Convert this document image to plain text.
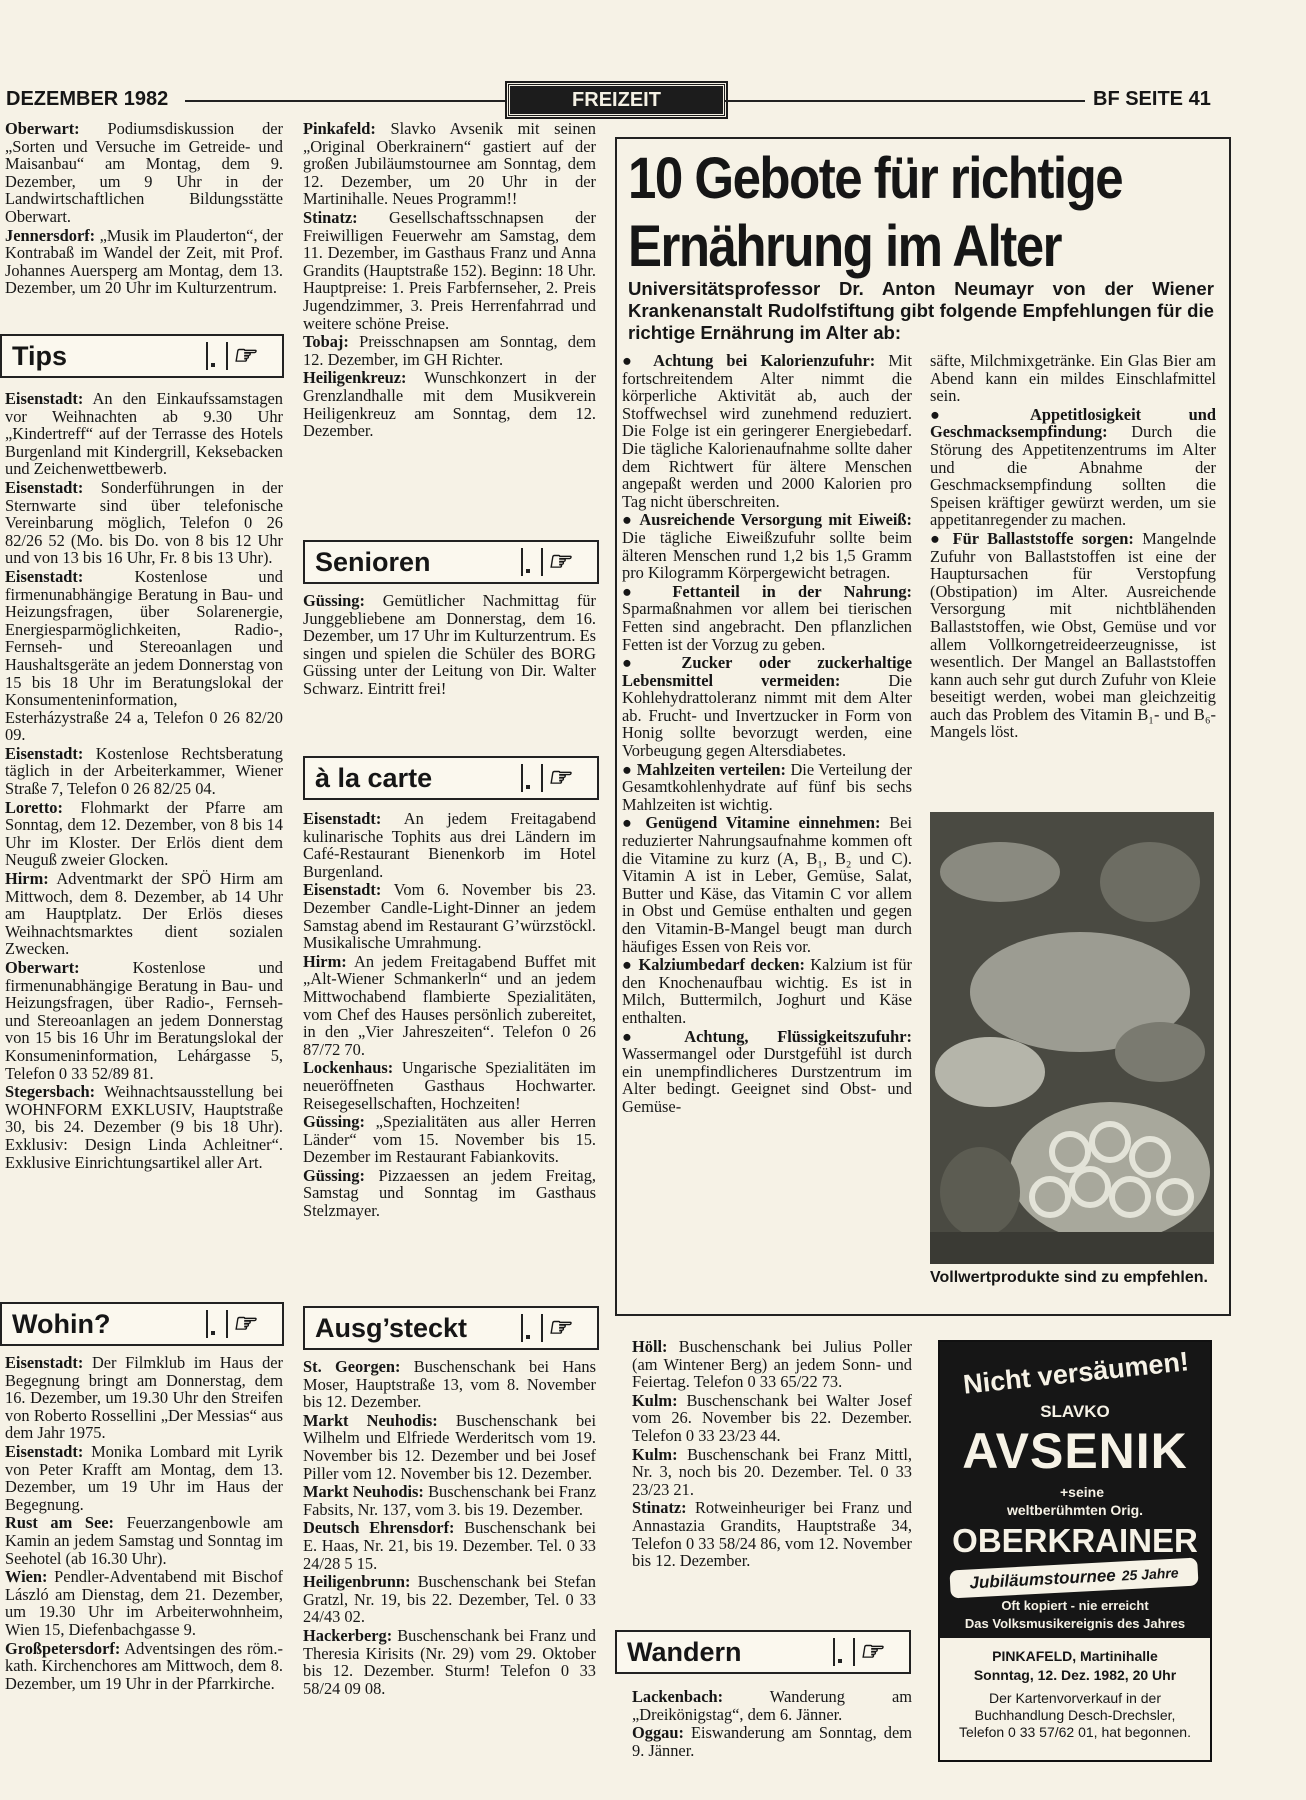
DEZEMBER 1982	FREIZEIT	BF SEITE 41

Oberwart: Podiumsdiskussion der „Sorten und Versuche im Getreide- und Maisanbau“ am Montag, dem 9. Dezember, um 9 Uhr in der Landwirtschaftlichen Bildungsstätte Oberwart.

Jennersdorf: „Musik im Plauderton“, der Kontrabaß im Wandel der Zeit, mit Prof. Johannes Auersperg am Montag, dem 13. Dezember, um 20 Uhr im Kulturzentrum.

Tips	☞

Eisenstadt: An den Einkaufssamstagen vor Weihnachten ab 9.30 Uhr „Kindertreff“ auf der Terrasse des Hotels Burgenland mit Kindergrill, Keksebacken und Zeichenwettbewerb.

Eisenstadt: Sonderführungen in der Sternwarte sind über telefonische Vereinbarung möglich, Telefon 0 26 82/26 52 (Mo. bis Do. von 8 bis 12 Uhr und von 13 bis 16 Uhr, Fr. 8 bis 13 Uhr).

Eisenstadt: Kostenlose und firmenunabhängige Beratung in Bau- und Heizungsfragen, über Solarenergie, Energiesparmöglichkeiten, Radio-, Fernseh- und Stereoanlagen und Haushaltsgeräte an jedem Donnerstag von 15 bis 18 Uhr im Beratungslokal der Konsumenteninformation, Esterházystraße 24 a, Telefon 0 26 82/20 09.

Eisenstadt: Kostenlose Rechtsberatung täglich in der Arbeiterkammer, Wiener Straße 7, Telefon 0 26 82/25 04.

Loretto: Flohmarkt der Pfarre am Sonntag, dem 12. Dezember, von 8 bis 14 Uhr im Kloster. Der Erlös dient dem Neuguß zweier Glocken.

Hirm: Adventmarkt der SPÖ Hirm am Mittwoch, dem 8. Dezember, ab 14 Uhr am Hauptplatz. Der Erlös dieses Weihnachtsmarktes dient sozialen Zwecken.

Oberwart: Kostenlose und firmenunabhängige Beratung in Bau- und Heizungsfragen, über Radio-, Fernseh- und Stereoanlagen an jedem Donnerstag von 15 bis 16 Uhr im Beratungslokal der Konsumeninformation, Lehárgasse 5, Telefon 0 33 52/89 81.

Stegersbach: Weihnachtsausstellung bei WOHNFORM EXKLUSIV, Hauptstraße 30, bis 24. Dezember (9 bis 18 Uhr). Exklusiv: Design Linda Achleitner“. Exklusive Einrichtungsartikel aller Art.

Wohin?	☞

Eisenstadt: Der Filmklub im Haus der Begegnung bringt am Donnerstag, dem 16. Dezember, um 19.30 Uhr den Streifen von Roberto Rossellini „Der Messias“ aus dem Jahr 1975.

Eisenstadt: Monika Lombard mit Lyrik von Peter Krafft am Montag, dem 13. Dezember, um 19 Uhr im Haus der Begegnung.

Rust am See: Feuerzangenbowle am Kamin an jedem Samstag und Sonntag im Seehotel (ab 16.30 Uhr).

Wien: Pendler-Adventabend mit Bischof László am Dienstag, dem 21. Dezember, um 19.30 Uhr im Arbeiterwohnheim, Wien 15, Diefenbachgasse 9.

Großpetersdorf: Adventsingen des röm.-kath. Kirchenchores am Mittwoch, dem 8. Dezember, um 19 Uhr in der Pfarrkirche.

Pinkafeld: Slavko Avsenik mit seinen „Original Oberkrainern“ gastiert auf der großen Jubiläumstournee am Sonntag, dem 12. Dezember, um 20 Uhr in der Martinihalle. Neues Programm!!

Stinatz: Gesellschaftsschnapsen der Freiwilligen Feuerwehr am Samstag, dem 11. Dezember, im Gasthaus Franz und Anna Grandits (Hauptstraße 152). Beginn: 18 Uhr. Hauptpreise: 1. Preis Farbfernseher, 2. Preis Jugendzimmer, 3. Preis Herrenfahrrad und weitere schöne Preise.

Tobaj: Preisschnapsen am Sonntag, dem 12. Dezember, im GH Richter.

Heiligenkreuz: Wunschkonzert in der Grenzlandhalle mit dem Musikverein Heiligenkreuz am Sonntag, dem 12. Dezember.

Senioren	☞

Güssing: Gemütlicher Nachmittag für Junggebliebene am Donnerstag, dem 16. Dezember, um 17 Uhr im Kulturzentrum. Es singen und spielen die Schüler des BORG Güssing unter der Leitung von Dir. Walter Schwarz. Eintritt frei!

à la carte	☞

Eisenstadt: An jedem Freitagabend kulinarische Tophits aus drei Ländern im Café-Restaurant Bienenkorb im Hotel Burgenland.

Eisenstadt: Vom 6. November bis 23. Dezember Candle-Light-Dinner an jedem Samstag abend im Restaurant G’würzstöckl. Musikalische Umrahmung.

Hirm: An jedem Freitagabend Buffet mit „Alt-Wiener Schmankerln“ und an jedem Mittwochabend flambierte Spezialitäten, vom Chef des Hauses persönlich zubereitet, in den „Vier Jahreszeiten“. Telefon 0 26 87/72 70.

Lockenhaus: Ungarische Spezialitäten im neueröffneten Gasthaus Hochwarter. Reisegesellschaften, Hochzeiten!

Güssing: „Spezialitäten aus aller Herren Länder“ vom 15. November bis 15. Dezember im Restaurant Fabiankovits.

Güssing: Pizzaessen an jedem Freitag, Samstag und Sonntag im Gasthaus Stelzmayer.

Ausg’steckt	☞

St. Georgen: Buschenschank bei Hans Moser, Hauptstraße 13, vom 8. November bis 12. Dezember.

Markt Neuhodis: Buschenschank bei Wilhelm und Elfriede Werderitsch vom 19. November bis 12. Dezember und bei Josef Piller vom 12. November bis 12. Dezember.

Markt Neuhodis: Buschenschank bei Franz Fabsits, Nr. 137, vom 3. bis 19. Dezember.

Deutsch Ehrensdorf: Buschenschank bei E. Haas, Nr. 21, bis 19. Dezember. Tel. 0 33 24/28 5 15.

Heiligenbrunn: Buschenschank bei Stefan Gratzl, Nr. 19, bis 22. Dezember, Tel. 0 33 24/43 02.

Hackerberg: Buschenschank bei Franz und Theresia Kirisits (Nr. 29) vom 29. Oktober bis 12. Dezember. Sturm! Telefon 0 33 58/24 09 08.

10 Gebote für richtige
Ernährung im Alter
Universitätsprofessor Dr. Anton Neumayr von der Wiener Krankenanstalt Rudolfstiftung gibt folgende Empfehlungen für die richtige Ernährung im Alter ab:

● Achtung bei Kalorienzufuhr: Mit fortschreitendem Alter nimmt die körperliche Aktivität ab, auch der Stoffwechsel wird zunehmend reduziert. Die Folge ist ein geringerer Energiebedarf. Die tägliche Kalorienaufnahme sollte daher dem Richtwert für ältere Menschen angepaßt werden und 2000 Kalorien pro Tag nicht überschreiten.

● Ausreichende Versorgung mit Eiweiß: Die tägliche Eiweißzufuhr sollte beim älteren Menschen rund 1,2 bis 1,5 Gramm pro Kilogramm Körpergewicht betragen.

● Fettanteil in der Nahrung: Sparmaßnahmen vor allem bei tierischen Fetten sind angebracht. Den pflanzlichen Fetten ist der Vorzug zu geben.

● Zucker oder zuckerhaltige Lebensmittel vermeiden: Die Kohlehydrattoleranz nimmt mit dem Alter ab. Frucht- und Invertzucker in Form von Honig sollte bevorzugt werden, eine Vorbeugung gegen Altersdiabetes.

● Mahlzeiten verteilen: Die Verteilung der Gesamtkohlenhydrate auf fünf bis sechs Mahlzeiten ist wichtig.

● Genügend Vitamine einnehmen: Bei reduzierter Nahrungsaufnahme kommen oft die Vitamine zu kurz (A, B₁, B₂ und C). Vitamin A ist in Leber, Gemüse, Salat, Butter und Käse, das Vitamin C vor allem in Obst und Gemüse enthalten und gegen den Vitamin-B-Mangel beugt man durch häufiges Essen von Reis vor.

● Kalziumbedarf decken: Kalzium ist für den Knochenaufbau wichtig. Es ist in Milch, Buttermilch, Joghurt und Käse enthalten.

● Achtung, Flüssigkeitszufuhr: Wassermangel oder Durstgefühl ist durch ein unempfindlicheres Durstzentrum im Alter bedingt. Geeignet sind Obst- und Gemüse-

säfte, Milchmixgetränke. Ein Glas Bier am Abend kann ein mildes Einschlafmittel sein.

● Appetitlosigkeit und Geschmacksempfindung: Durch die Störung des Appetitenzentrums im Alter und die Abnahme der Geschmacksempfindung sollten die Speisen kräftiger gewürzt werden, um sie appetitanregender zu machen.

● Für Ballaststoffe sorgen: Mangelnde Zufuhr von Ballaststoffen ist eine der Hauptursachen für Verstopfung (Obstipation) im Alter. Ausreichende Versorgung mit nichtblähenden Ballaststoffen, wie Obst, Gemüse und vor allem Vollkorngetreideerzeugnisse, ist wesentlich. Der Mangel an Ballaststoffen kann auch sehr gut durch Zufuhr von Kleie beseitigt werden, wobei man gleichzeitig auch das Problem des Vitamin B₁- und B₆-Mangels löst.

Vollwertprodukte sind zu empfehlen.

Höll: Buschenschank bei Julius Poller (am Wintener Berg) an jedem Sonn- und Feiertag. Telefon 0 33 65/22 73.

Kulm: Buschenschank bei Walter Josef vom 26. November bis 22. Dezember. Telefon 0 33 23/23 44.

Kulm: Buschenschank bei Franz Mittl, Nr. 3, noch bis 20. Dezember. Tel. 0 33 23/23 21.

Stinatz: Rotweinheuriger bei Franz und Annastazia Grandits, Hauptstraße 34, Telefon 0 33 58/24 86, vom 12. November bis 12. Dezember.

Wandern	☞

Lackenbach: Wanderung am „Dreikönigstag“, dem 6. Jänner.

Oggau: Eiswanderung am Sonntag, dem 9. Jänner.

Nicht versäumen!
SLAVKO
AVSENIK
+seine
weltberühmten Orig.
OBERKRAINER
Jubiläumstournee 25 Jahre
Oft kopiert - nie erreicht
Das Volksmusikereignis des Jahres
PINKAFELD, Martinihalle
Sonntag, 12. Dez. 1982, 20 Uhr
Der Kartenvorverkauf in der Buchhandlung Desch-Drechsler, Telefon 0 33 57/62 01, hat begonnen.
